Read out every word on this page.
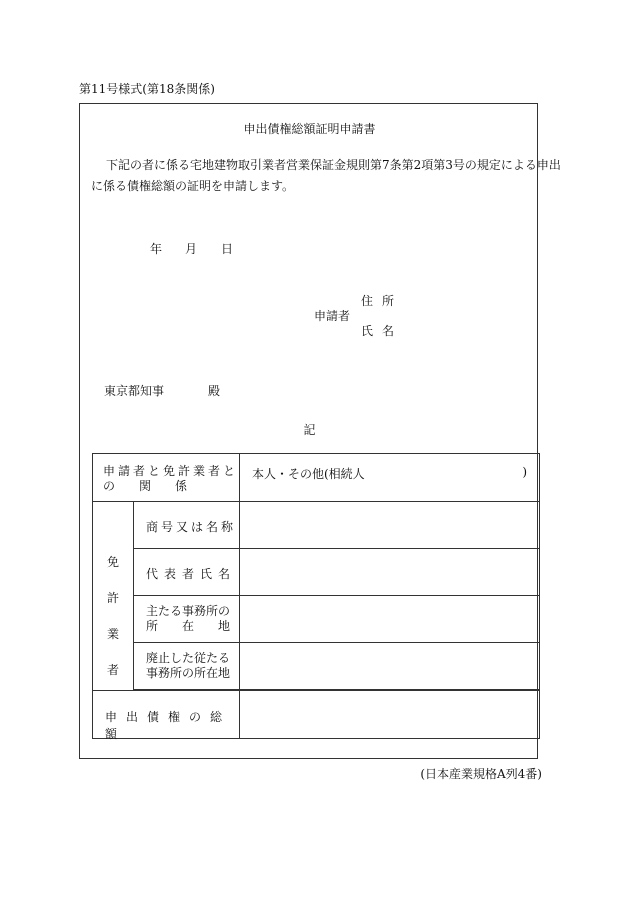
第11号様式(第18条関係)
申出債権総額証明申請書
下記の者に係る宅地建物取引業者営業保証金規則第7条第2項第3号の規定による申出
に係る債権総額の証明を申請します。
年 月 日
住所
申請者
氏名
東京都知事	殿
記
申請者と免許業者と
の　　関　　係
本人・その他(相続人	)
免
許
業
者
商号又は名称
代表者氏名
主たる事務所の
所　　在　　地
廃止した従たる
事務所の所在地
申出債権の総額
(日本産業規格A列4番)
